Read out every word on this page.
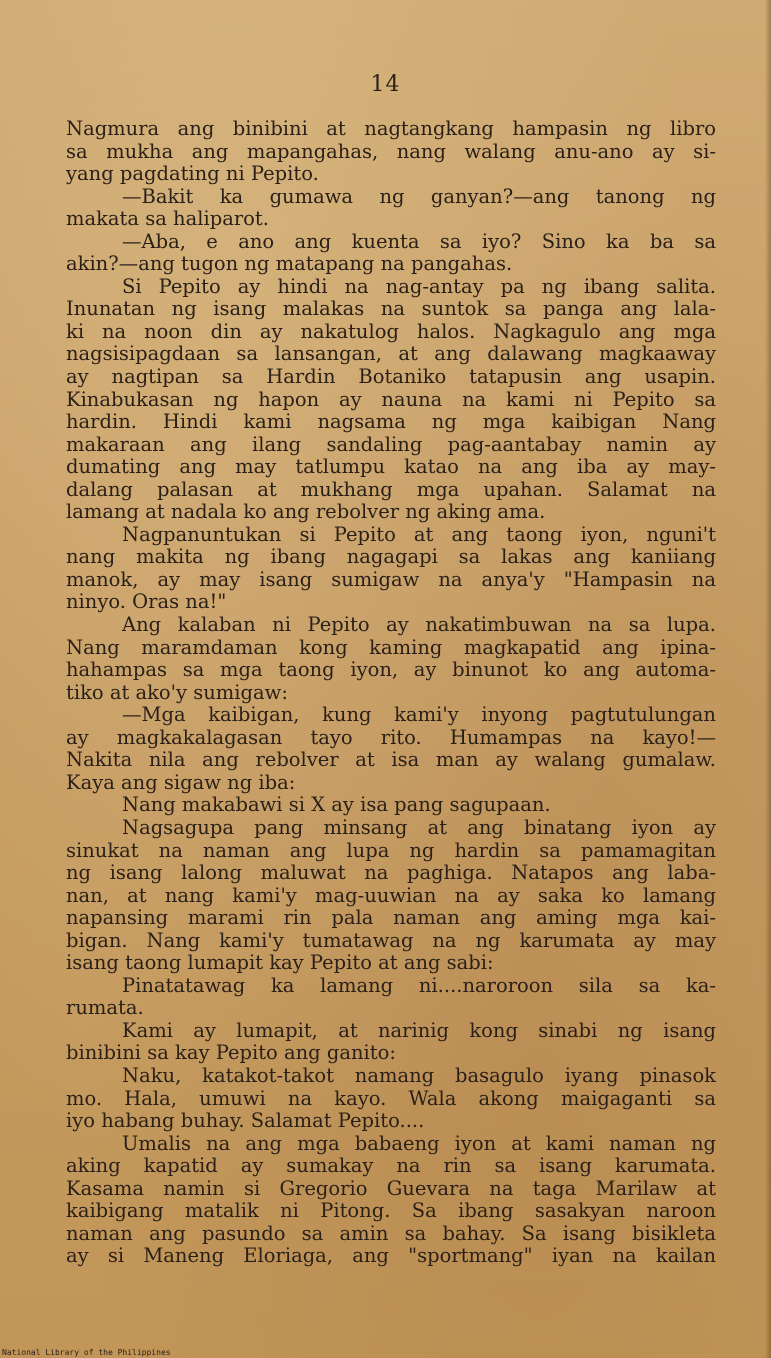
14
Nagmura ang binibini at nagtangkang hampasin ng libro
sa mukha ang mapangahas, nang walang anu-ano ay si-
yang pagdating ni Pepito.
—Bakit ka gumawa ng ganyan?—ang tanong ng
makata sa haliparot.
—Aba, e ano ang kuenta sa iyo? Sino ka ba sa
akin?—ang tugon ng matapang na pangahas.
Si Pepito ay hindi na nag-antay pa ng ibang salita.
Inunatan ng isang malakas na suntok sa panga ang lala-
ki na noon din ay nakatulog halos. Nagkagulo ang mga
nagsisipagdaan sa lansangan, at ang dalawang magkaaway
ay nagtipan sa Hardin Botaniko tatapusin ang usapin.
Kinabukasan ng hapon ay nauna na kami ni Pepito sa
hardin. Hindi kami nagsama ng mga kaibigan Nang
makaraan ang ilang sandaling pag-aantabay namin ay
dumating ang may tatlumpu katao na ang iba ay may-
dalang palasan at mukhang mga upahan. Salamat na
lamang at nadala ko ang rebolver ng aking ama.
Nagpanuntukan si Pepito at ang taong iyon, nguni't
nang makita ng ibang nagagapi sa lakas ang kaniiang
manok, ay may isang sumigaw na anya'y "Hampasin na
ninyo. Oras na!"
Ang kalaban ni Pepito ay nakatimbuwan na sa lupa.
Nang maramdaman kong kaming magkapatid ang ipina-
hahampas sa mga taong iyon, ay binunot ko ang automa-
tiko at ako'y sumigaw:
—Mga kaibigan, kung kami'y inyong pagtutulungan
ay magkakalagasan tayo rito. Humampas na kayo!—
Nakita nila ang rebolver at isa man ay walang gumalaw.
Kaya ang sigaw ng iba:
Nang makabawi si X ay isa pang sagupaan.
Nagsagupa pang minsang at ang binatang iyon ay
sinukat na naman ang lupa ng hardin sa pamamagitan
ng isang lalong maluwat na paghiga. Natapos ang laba-
nan, at nang kami'y mag-uuwian na ay saka ko lamang
napansing marami rin pala naman ang aming mga kai-
bigan. Nang kami'y tumatawag na ng karumata ay may
isang taong lumapit kay Pepito at ang sabi:
Pinatatawag ka lamang ni....naroroon sila sa ka-
rumata.
Kami ay lumapit, at narinig kong sinabi ng isang
binibini sa kay Pepito ang ganito:
Naku, katakot-takot namang basagulo iyang pinasok
mo. Hala, umuwi na kayo. Wala akong maigaganti sa
iyo habang buhay. Salamat Pepito....
Umalis na ang mga babaeng iyon at kami naman ng
aking kapatid ay sumakay na rin sa isang karumata.
Kasama namin si Gregorio Guevara na taga Marilaw at
kaibigang matalik ni Pitong. Sa ibang sasakyan naroon
naman ang pasundo sa amin sa bahay. Sa isang bisikleta
ay si Maneng Eloriaga, ang "sportmang" iyan na kailan
National Library of the Philippines
